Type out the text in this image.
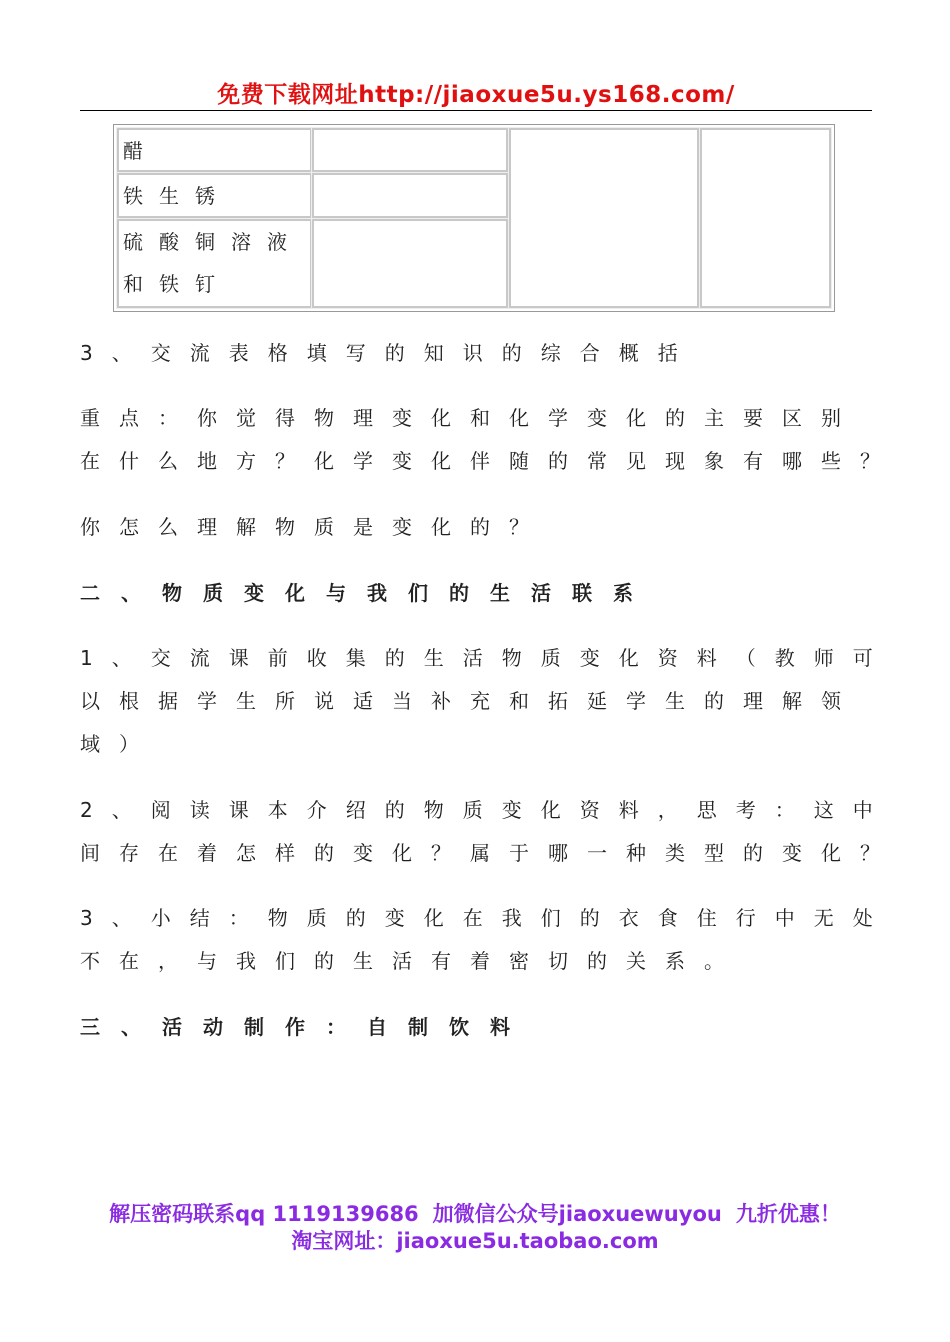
免费下载网址http://jiaoxue5u.ys168.com/
醋
铁生锈
硫酸铜溶液和铁钉
3、交流表格填写的知识的综合概括
重点：你觉得物理变化和化学变化的主要区别
在什么地方？化学变化伴随的常见现象有哪些？
你怎么理解物质是变化的？
二、物质变化与我们的生活联系
1、交流课前收集的生活物质变化资料（教师可
以根据学生所说适当补充和拓延学生的理解领
域）
2、阅读课本介绍的物质变化资料，思考：这中
间存在着怎样的变化？属于哪一种类型的变化？
3、小结：物质的变化在我们的衣食住行中无处
不在，与我们的生活有着密切的关系。
三、活动制作：自制饮料
解压密码联系qq 1119139686 加微信公众号jiaoxuewuyou 九折优惠！
淘宝网址：jiaoxue5u.taobao.com
